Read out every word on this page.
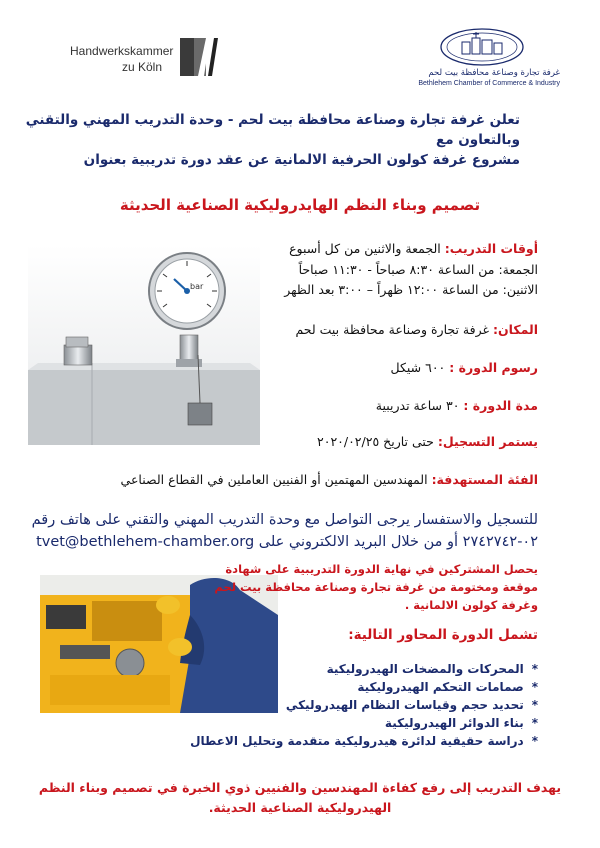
Handwerkskammer
zu Köln	غرفة تجارة وصناعة محافظة بيت لحم
Bethlehem Chamber of Commerce & Industry
تعلن غرفة تجارة وصناعة محافظة بيت لحم - وحدة التدريب المهني والتقني
وبالتعاون مع
مشروع غرفة كولون الحرفية الالمانية عن عقد دورة تدريبية بعنوان
تصميم وبناء النظم الهايدروليكية الصناعية الحديثة
bar
أوقات التدريب: الجمعة والاثنين من كل أسبوع
الجمعة: من الساعة ٨:٣٠ صباحاً - ١١:٣٠ صباحاً
الاثنين: من الساعة ١٢:٠٠ ظهراً – ٣:٠٠ بعد الظهر
المكان: غرفة تجارة وصناعة محافظة بيت لحم
رسوم الدورة : ٦٠٠ شيكل
مدة الدورة : ٣٠ ساعة تدريبية
يستمر التسجيل: حتى تاريخ ٢٠٢٠/٠٢/٢٥
الفئة المستهدفة: المهندسين المهتمين أو الفنيين العاملين في القطاع الصناعي
للتسجيل والاستفسار يرجى التواصل مع وحدة التدريب المهني والتقني على هاتف رقم
٠٢-٢٧٤٢٧٤٢ أو من خلال البريد الالكتروني على tvet@bethlehem-chamber.org
يحصل المشتركين في نهاية الدورة التدريبية على شهادة
موقعة ومختومة من غرفة تجارة وصناعة محافظة بيت لحم
وغرفة كولون الالمانية .
تشمل الدورة المحاور التالية:
*المحركات والمضخات الهيدروليكية
*صمامات التحكم الهيدروليكية
*تحديد حجم وقياسات النظام الهيدروليكي
*بناء الدوائر الهيدروليكية
*دراسة حقيقية لدائرة هيدروليكية متقدمة وتحليل الاعطال
يهدف التدريب إلى رفع كفاءة المهندسين والفنيين ذوي الخبرة في تصميم وبناء النظم
الهيدروليكية الصناعية الحديثة.
